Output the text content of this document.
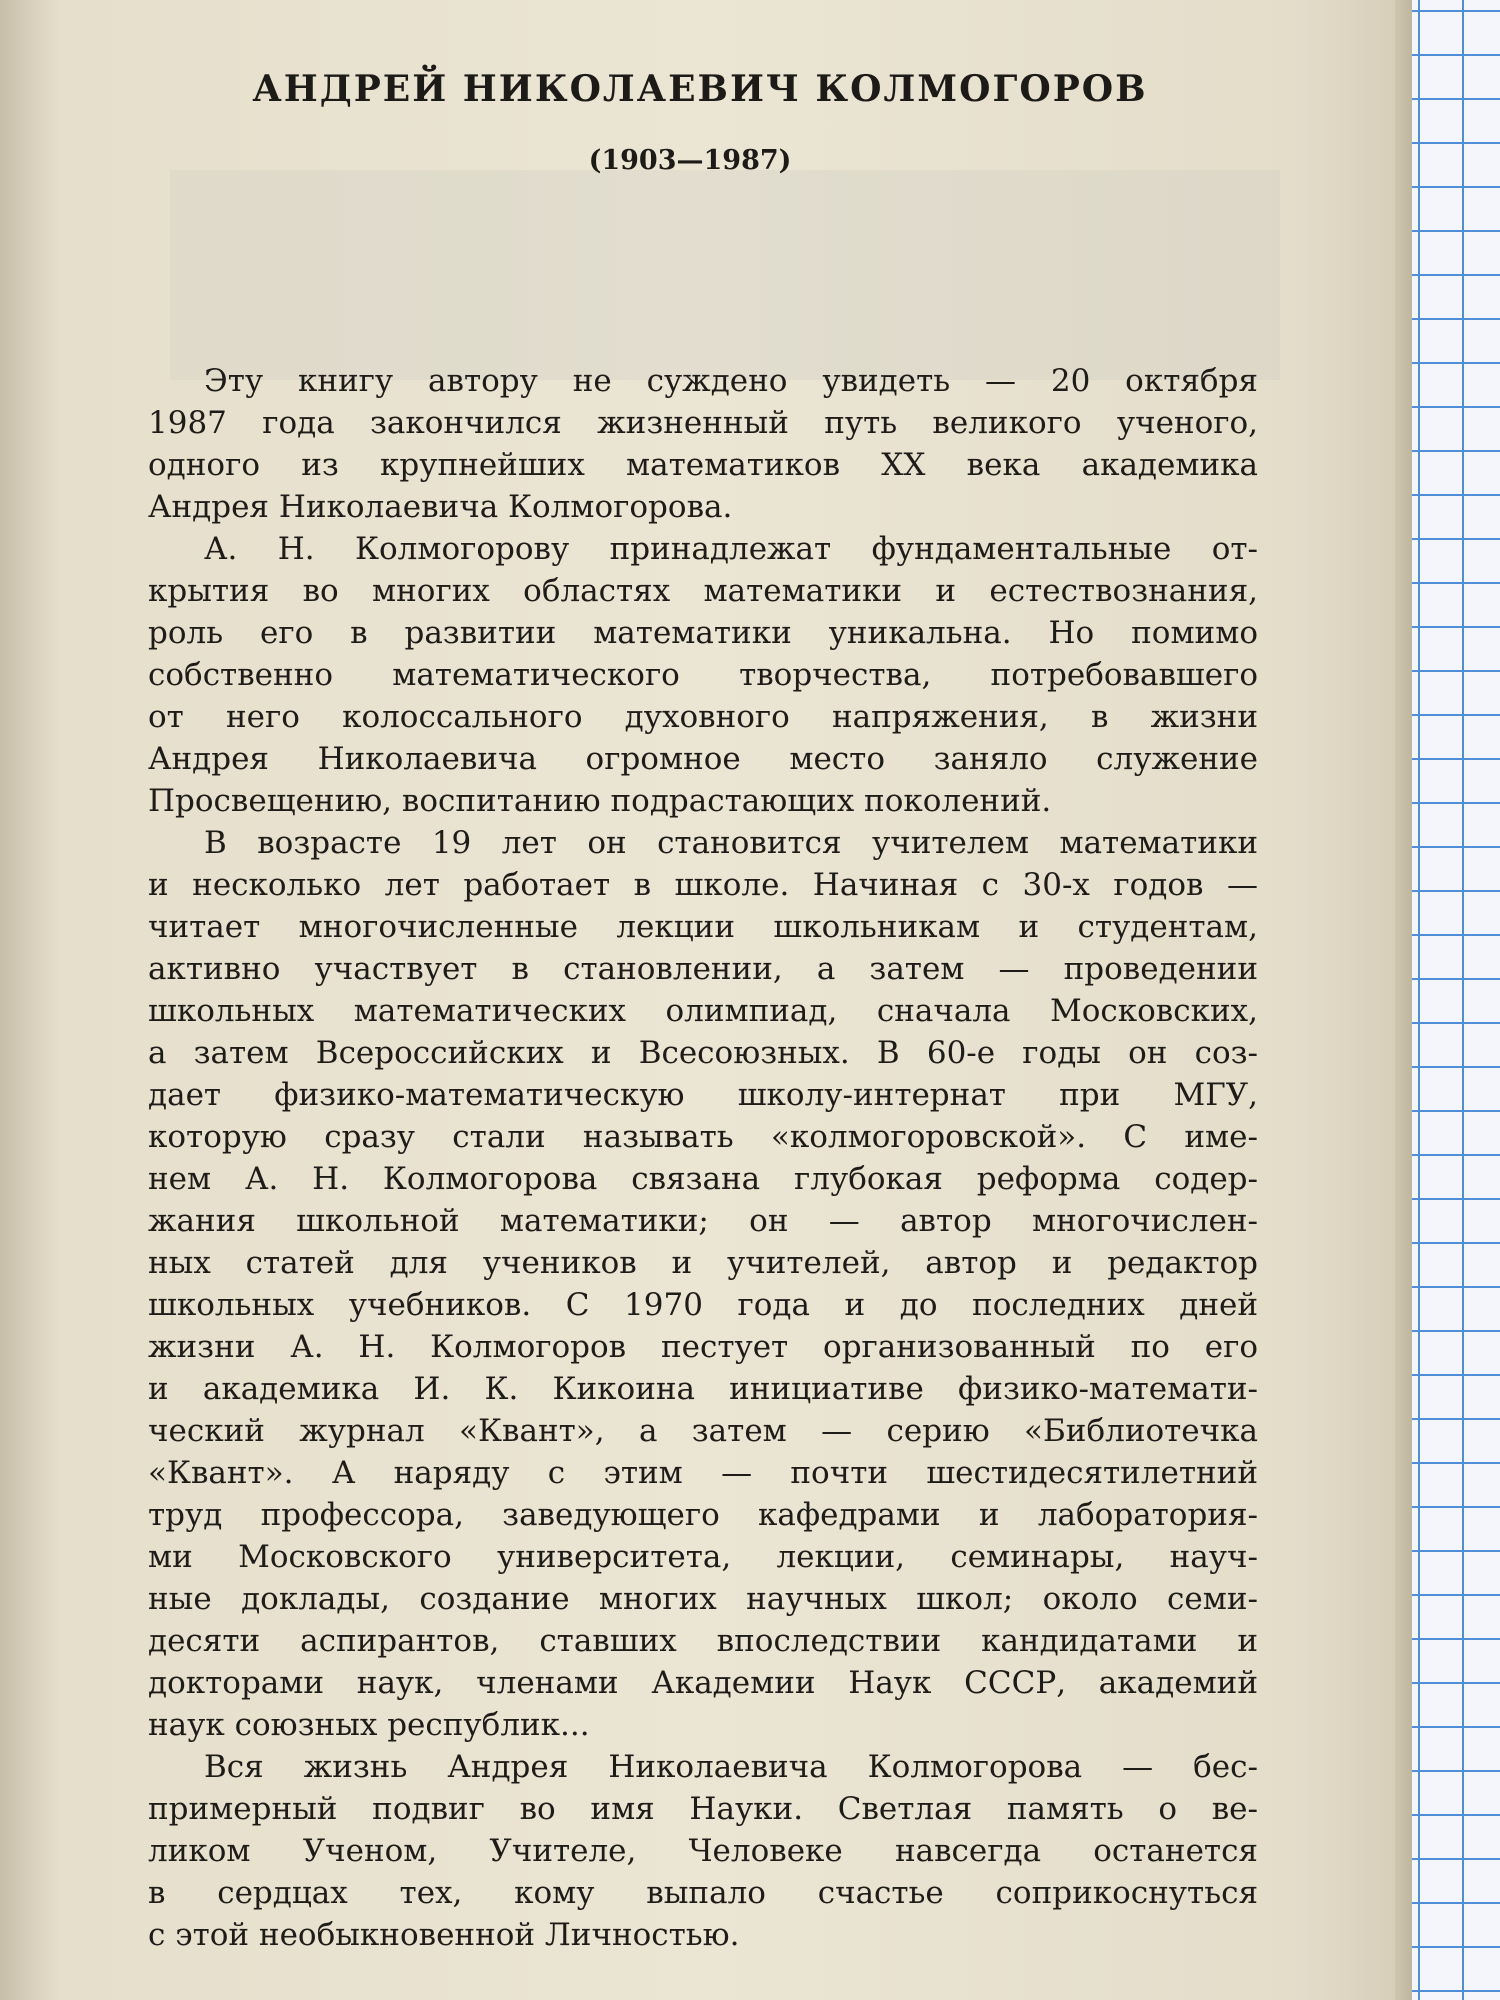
АНДРЕЙ НИКОЛАЕВИЧ КОЛМОГОРОВ
(1903—1987)
Эту книгу автору не суждено увидеть — 20 октября
1987 года закончился жизненный путь великого ученого,
одного из крупнейших математиков XX века академика
Андрея Николаевича Колмогорова.
А. Н. Колмогорову принадлежат фундаментальные от-
крытия во многих областях математики и естествознания,
роль его в развитии математики уникальна. Но помимо
собственно математического творчества, потребовавшего
от него колоссального духовного напряжения, в жизни
Андрея Николаевича огромное место заняло служение
Просвещению, воспитанию подрастающих поколений.
В возрасте 19 лет он становится учителем математики
и несколько лет работает в школе. Начиная с 30-х годов —
читает многочисленные лекции школьникам и студентам,
активно участвует в становлении, а затем — проведении
школьных математических олимпиад, сначала Московских,
а затем Всероссийских и Всесоюзных. В 60-е годы он соз-
дает физико-математическую школу-интернат при МГУ,
которую сразу стали называть «колмогоровской». С име-
нем А. Н. Колмогорова связана глубокая реформа содер-
жания школьной математики; он — автор многочислен-
ных статей для учеников и учителей, автор и редактор
школьных учебников. С 1970 года и до последних дней
жизни А. Н. Колмогоров пестует организованный по его
и академика И. К. Кикоина инициативе физико-математи-
ческий журнал «Квант», а затем — серию «Библиотечка
«Квант». А наряду с этим — почти шестидесятилетний
труд профессора, заведующего кафедрами и лаборатория-
ми Московского университета, лекции, семинары, науч-
ные доклады, создание многих научных школ; около семи-
десяти аспирантов, ставших впоследствии кандидатами и
докторами наук, членами Академии Наук СССР, академий
наук союзных республик...
Вся жизнь Андрея Николаевича Колмогорова — бес-
примерный подвиг во имя Науки. Светлая память о ве-
ликом Ученом, Учителе, Человеке навсегда останется
в сердцах тех, кому выпало счастье соприкоснуться
с этой необыкновенной Личностью.
